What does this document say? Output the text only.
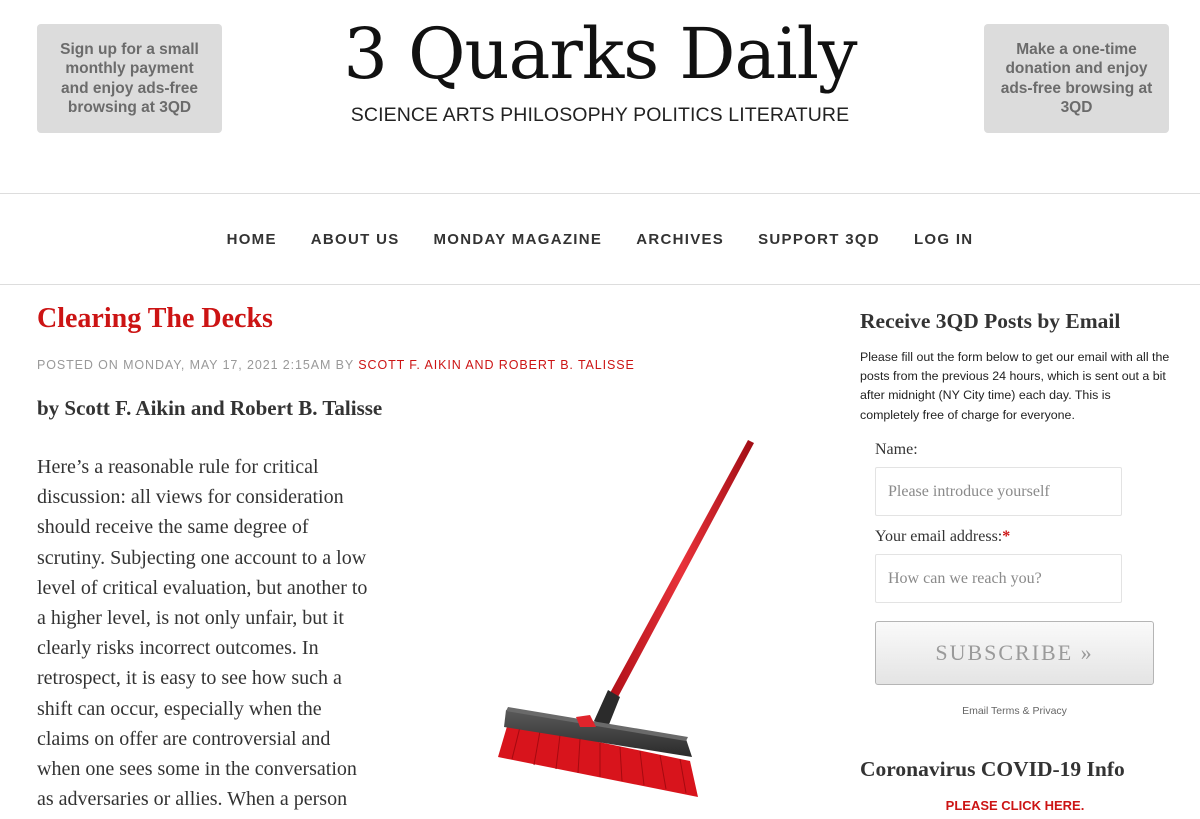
Sign up for a small monthly payment and enjoy ads-free browsing at 3QD
3 Quarks Daily
SCIENCE ARTS PHILOSOPHY POLITICS LITERATURE
Make a one-time donation and enjoy ads-free browsing at 3QD
HOME ABOUT US MONDAY MAGAZINE ARCHIVES SUPPORT 3QD LOG IN
Clearing The Decks
POSTED ON MONDAY, MAY 17, 2021 2:15AM BY SCOTT F. AIKIN AND ROBERT B. TALISSE
by Scott F. Aikin and Robert B. Talisse
Here’s a reasonable rule for critical
discussion: all views for consideration
should receive the same degree of
scrutiny. Subjecting one account to a low
level of critical evaluation, but another to
a higher level, is not only unfair, but it
clearly risks incorrect outcomes. In
retrospect, it is easy to see how such a
shift can occur, especially when the
claims on offer are controversial and
when one sees some in the conversation
as adversaries or allies. When a person
Receive 3QD Posts by Email

Please fill out the form below to get our email with all the posts from the previous 24 hours, which is sent out a bit after midnight (NY City time) each day. This is completely free of charge for everyone.

Name:
Please introduce yourself
Your email address:*
How can we reach you?
SUBSCRIBE »
Email Terms & Privacy
Coronavirus COVID-19 Info
PLEASE CLICK HERE.
